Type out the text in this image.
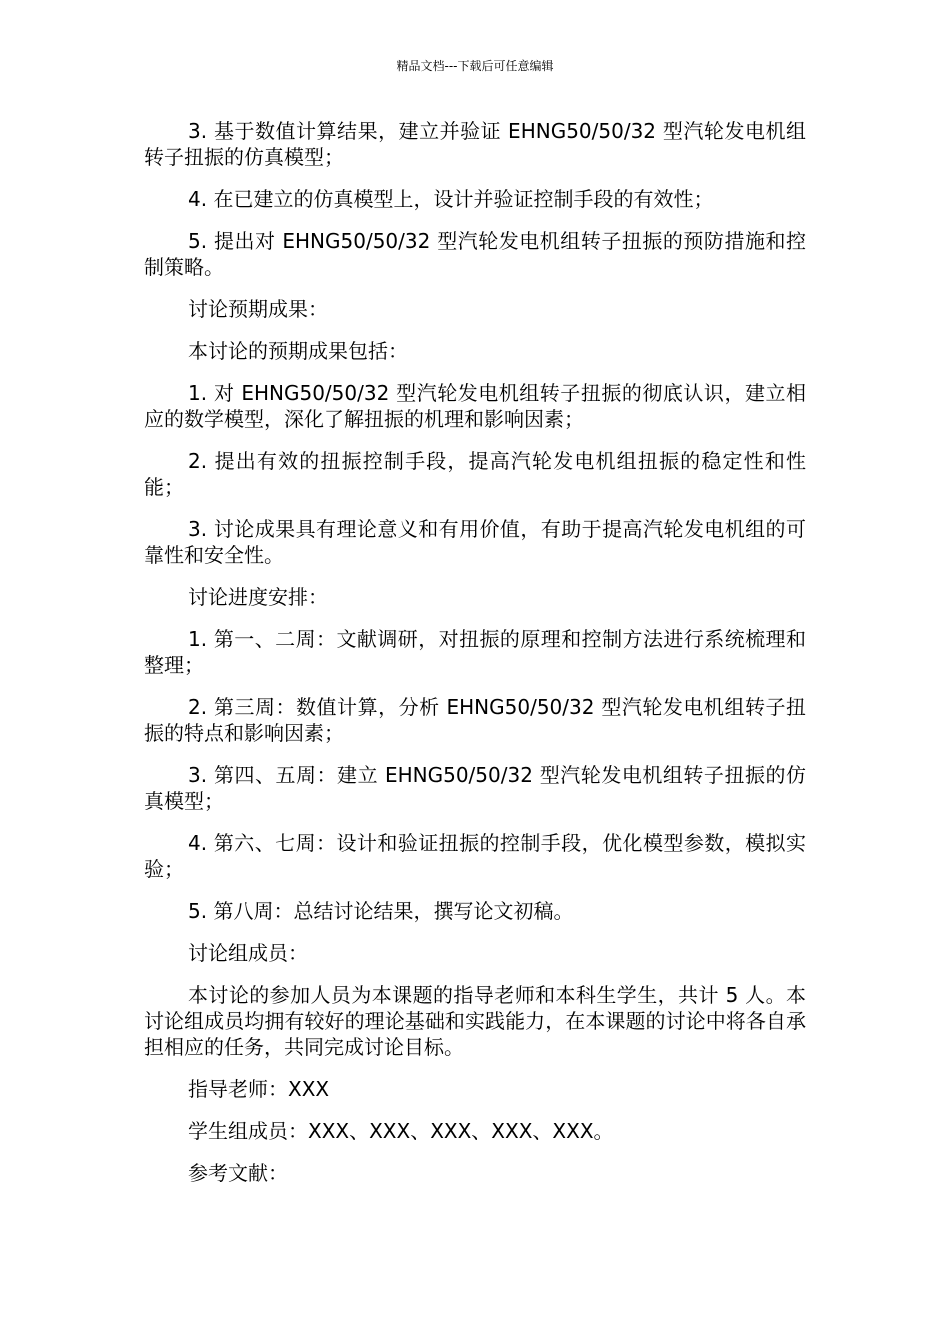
精品文档---下载后可任意编辑

3. 基于数值计算结果，建立并验证 EHNG50/50/32 型汽轮发电机组转子扭振的仿真模型；

4. 在已建立的仿真模型上，设计并验证控制手段的有效性；

5. 提出对 EHNG50/50/32 型汽轮发电机组转子扭振的预防措施和控制策略。

讨论预期成果：

本讨论的预期成果包括：

1. 对 EHNG50/50/32 型汽轮发电机组转子扭振的彻底认识，建立相应的数学模型，深化了解扭振的机理和影响因素；

2. 提出有效的扭振控制手段，提高汽轮发电机组扭振的稳定性和性能；

3. 讨论成果具有理论意义和有用价值，有助于提高汽轮发电机组的可靠性和安全性。

讨论进度安排：

1. 第一、二周：文献调研，对扭振的原理和控制方法进行系统梳理和整理；

2. 第三周：数值计算，分析 EHNG50/50/32 型汽轮发电机组转子扭振的特点和影响因素；

3. 第四、五周：建立 EHNG50/50/32 型汽轮发电机组转子扭振的仿真模型；

4. 第六、七周：设计和验证扭振的控制手段，优化模型参数，模拟实验；

5. 第八周：总结讨论结果，撰写论文初稿。

讨论组成员：

本讨论的参加人员为本课题的指导老师和本科生学生，共计 5 人。本讨论组成员均拥有较好的理论基础和实践能力，在本课题的讨论中将各自承担相应的任务，共同完成讨论目标。

指导老师：XXX

学生组成员：XXX、XXX、XXX、XXX、XXX。

参考文献：
